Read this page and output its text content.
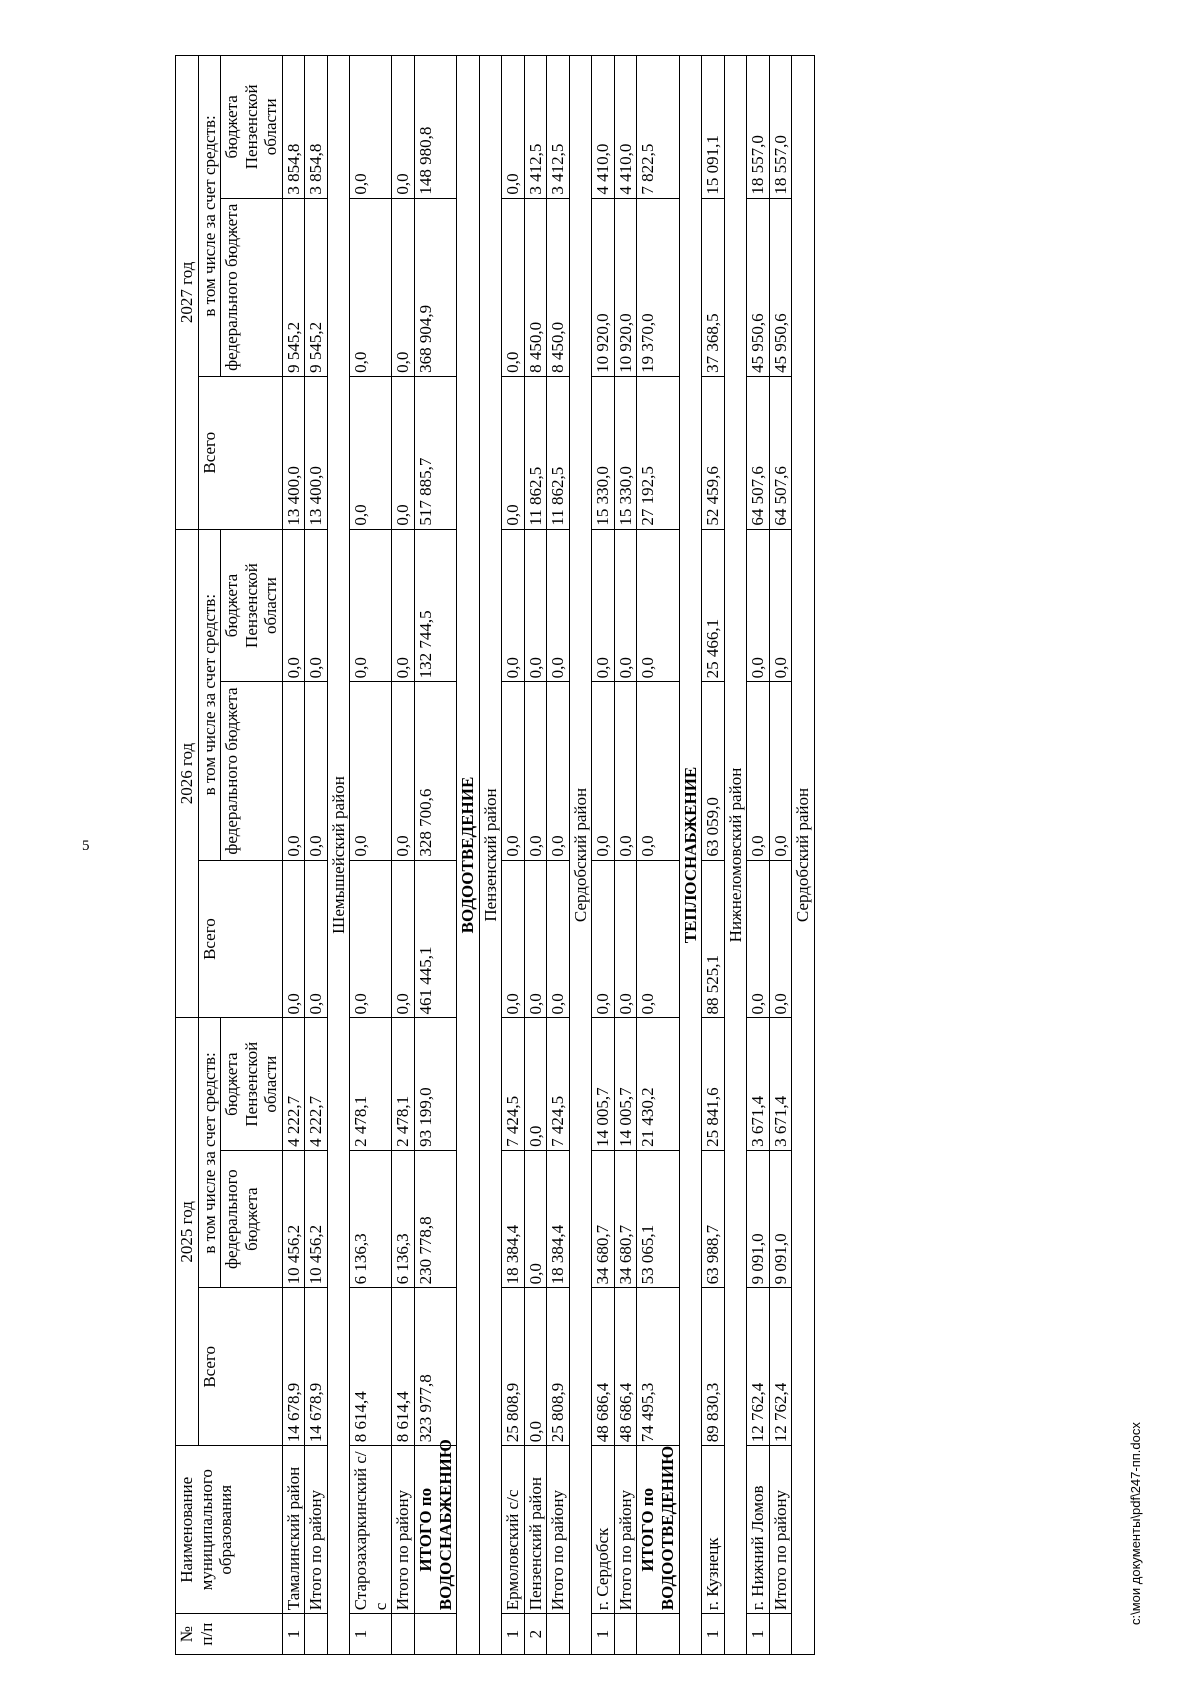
5
№ п/п	Наименование муниципального образования	2025 год			2026 год			2027 год		
		Всего	в том числе за счет средств:		Всего	в том числе за счет средств:		Всего	в том числе за счет средств:	
			федерального бюджета	бюджета Пензенской области		федерального бюджета	бюджета Пензенской области		федерального бюджета	бюджета Пензенской области
1	Тамалинский район	14 678,9	10 456,2	4 222,7	0,0	0,0	0,0	13 400,0	9 545,2	3 854,8
	Итого по району	14 678,9	10 456,2	4 222,7	0,0	0,0	0,0	13 400,0	9 545,2	3 854,8
Шемышейский район										
1	Старозахаркинский с/с	8 614,4	6 136,3	2 478,1	0,0	0,0	0,0	0,0	0,0	0,0
	Итого по району	8 614,4	6 136,3	2 478,1	0,0	0,0	0,0	0,0	0,0	0,0
	ИТОГО по ВОДОСНАБЖЕНИЮ	323 977,8	230 778,8	93 199,0	461 445,1	328 700,6	132 744,5	517 885,7	368 904,9	148 980,8
ВОДООТВЕДЕНИЕ										
Пензенский район										
1	Ермоловский с/с	25 808,9	18 384,4	7 424,5	0,0	0,0	0,0	0,0	0,0	0,0
2	Пензенский район	0,0	0,0	0,0	0,0	0,0	0,0	11 862,5	8 450,0	3 412,5
	Итого по району	25 808,9	18 384,4	7 424,5	0,0	0,0	0,0	11 862,5	8 450,0	3 412,5
Сердобский район										
1	г. Сердобск	48 686,4	34 680,7	14 005,7	0,0	0,0	0,0	15 330,0	10 920,0	4 410,0
	Итого по району	48 686,4	34 680,7	14 005,7	0,0	0,0	0,0	15 330,0	10 920,0	4 410,0
	ИТОГО по ВОДООТВЕДЕНИЮ	74 495,3	53 065,1	21 430,2	0,0	0,0	0,0	27 192,5	19 370,0	7 822,5
ТЕПЛОСНАБЖЕНИЕ										
1	г. Кузнецк	89 830,3	63 988,7	25 841,6	88 525,1	63 059,0	25 466,1	52 459,6	37 368,5	15 091,1
Нижнеломовский район										
1	г. Нижний Ломов	12 762,4	9 091,0	3 671,4	0,0	0,0	0,0	64 507,6	45 950,6	18 557,0
	Итого по району	12 762,4	9 091,0	3 671,4	0,0	0,0	0,0	64 507,6	45 950,6	18 557,0
Сердобский район										
c:\мои документы\pdf\247-пп.docx
